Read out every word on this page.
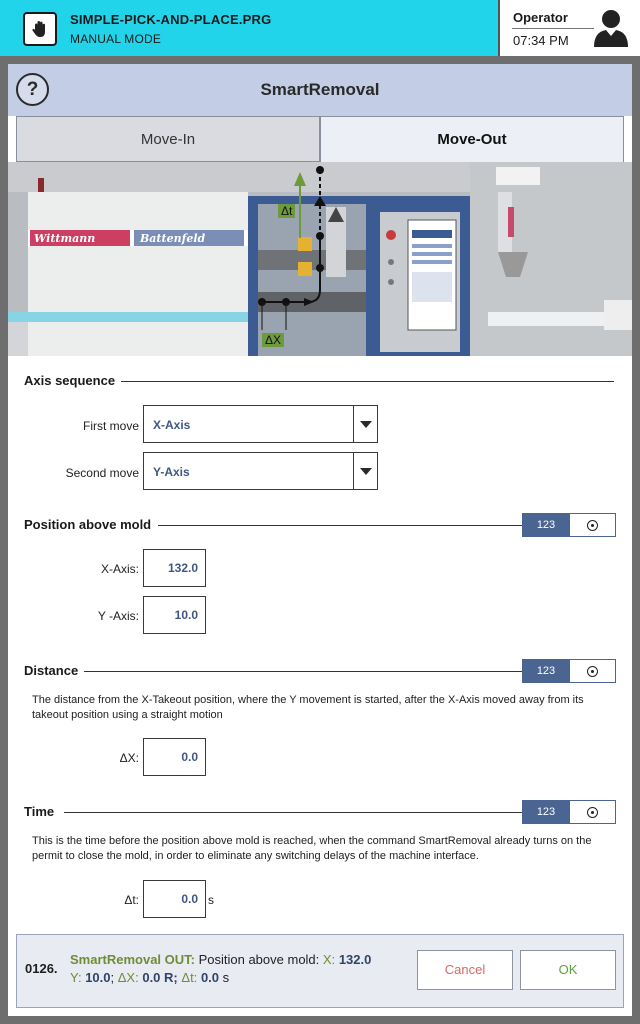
SIMPLE-PICK-AND-PLACE.PRG
MANUAL MODE
Operator
07:34 PM
?	SmartRemoval
Move-In	Move-Out
Wittmann	Battenfeld
Δt
ΔX
Axis sequence
First move X-Axis
Second move Y-Axis
Position above mold	123
X-Axis:	132.0
Y -Axis:	10.0
Distance	123
The distance from the X-Takeout position, where the Y movement is started, after the X-Axis moved away from its takeout position using a straight motion
ΔX:	0.0
Time	123
This is the time before the position above mold is reached, when the command SmartRemoval already turns on the permit to close the mold, in order to eliminate any switching delays of the machine interface.
Δt:	0.0 s
0126.
SmartRemoval OUT: Position above mold: X: 132.0
Y: 10.0; ΔX: 0.0 R; Δt: 0.0 s
Cancel	OK
